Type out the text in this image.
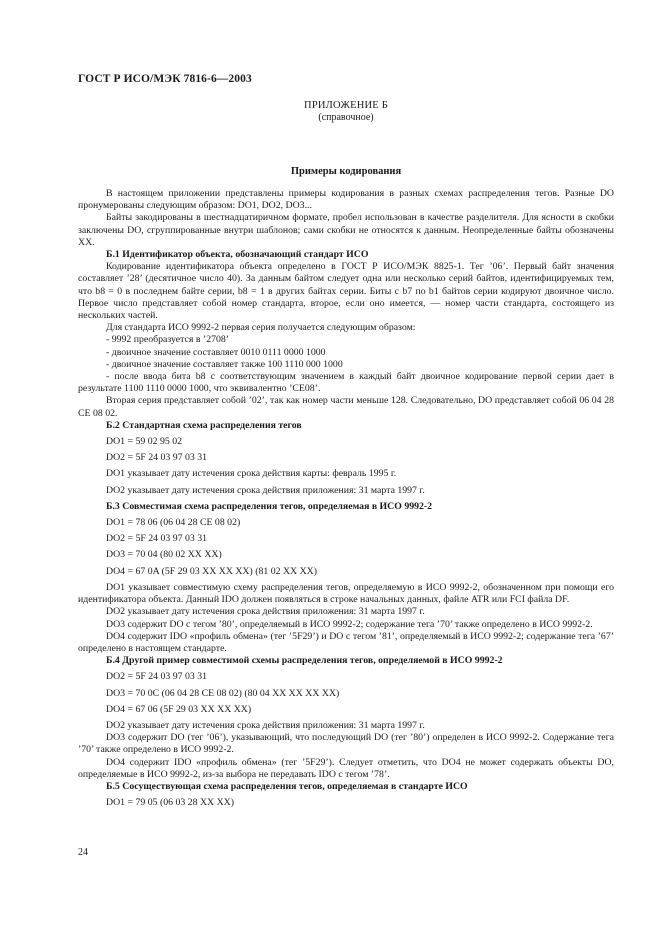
ГОСТ Р ИСО/МЭК 7816-6—2003
ПРИЛОЖЕНИЕ Б
(справочное)
Примеры кодирования

В настоящем приложении представлены примеры кодирования в разных схемах распределения тегов. Разные DO пронумерованы следующим образом: DO1, DO2, DO3...

Байты закодированы в шестнадцатиричном формате, пробел использован в качестве разделителя. Для ясности в скобки заключены DO, сгруппированные внутри шаблонов; сами скобки не относятся к данным. Неопределенные байты обозначены XX.

Б.1 Идентификатор объекта, обозначающий стандарт ИСО

Кодирование идентификатора объекта определено в ГОСТ Р ИСО/МЭК 8825-1. Тег ’06’. Первый байт значения составляет ’28’ (десятичное число 40). За данным байтом следует одна или несколько серий байтов, идентифицируемых тем, что b8 = 0 в последнем байте серии, b8 = 1 в других байтах серии. Биты с b7 по b1 байтов серии кодируют двоичное число. Первое число представляет собой номер стандарта, второе, если оно имеется, — номер части стандарта, состоящего из нескольких частей.

Для стандарта ИСО 9992-2 первая серия получается следующим образом:

- 9992 преобразуется в ’2708’

- двоичное значение составляет 0010 0111 0000 1000

- двоичное значение составляет также 100 1110 000 1000

- после ввода бита b8 с соответствующим значением в каждый байт двоичное кодирование первой серии дает в результате 1100 1110 0000 1000, что эквивалентно ’CE08’.

Вторая серия представляет собой ’02’, так как номер части меньше 128. Следовательно, DO представляет собой 06 04 28 CE 08 02.

Б.2 Стандартная схема распределения тегов

DO1 = 59 02 95 02

DO2 = 5F 24 03 97 03 31

DO1 указывает дату истечения срока действия карты: февраль 1995 г.

DO2 указывает дату истечения срока действия приложения: 31 марта 1997 г.

Б.3 Совместимая схема распределения тегов, определяемая в ИСО 9992-2

DO1 = 78 06 (06 04 28 CE 08 02)

DO2 = 5F 24 03 97 03 31

DO3 = 70 04 (80 02 XX XX)

DO4 = 67 0A (5F 29 03 XX XX XX) (81 02 XX XX)

DO1 указывает совместимую схему распределения тегов, определяемую в ИСО 9992-2, обозначенном при помощи его идентификатора объекта. Данный IDO должен появляться в строке начальных данных, файле ATR или FCI файла DF.

DO2 указывает дату истечения срока действия приложения: 31 марта 1997 г.

DO3 содержит DO с тегом ’80’, определяемый в ИСО 9992-2; содержание тега ’70’ также определено в ИСО 9992-2.

DO4 содержит IDO «профиль обмена» (тег ’5F29’) и DO с тегом ’81’, определяемый в ИСО 9992-2; содержание тега ’67’ определено в настоящем стандарте.

Б.4 Другой пример совместимой схемы распределения тегов, определяемой в ИСО 9992-2

DO2 = 5F 24 03 97 03 31

DO3 = 70 0C (06 04 28 CE 08 02) (80 04 XX XX XX XX)

DO4 = 67 06 (5F 29 03 XX XX XX)

DO2 указывает дату истечения срока действия приложения: 31 марта 1997 г.

DO3 содержит DO (тег ’06’), указывающий, что последующий DO (тег ’80’) определен в ИСО 9992-2. Содержание тега ’70’ также определено в ИСО 9992-2.

DO4 содержит IDO «профиль обмена» (тег ’5F29’). Следует отметить, что DO4 не может содержать объекты DO, определяемые в ИСО 9992-2, из-за выбора не передавать IDO с тегом ’78’.

Б.5 Сосуществующая схема распределения тегов, определяемая в стандарте ИСО

DO1 = 79 05 (06 03 28 XX XX)

24
